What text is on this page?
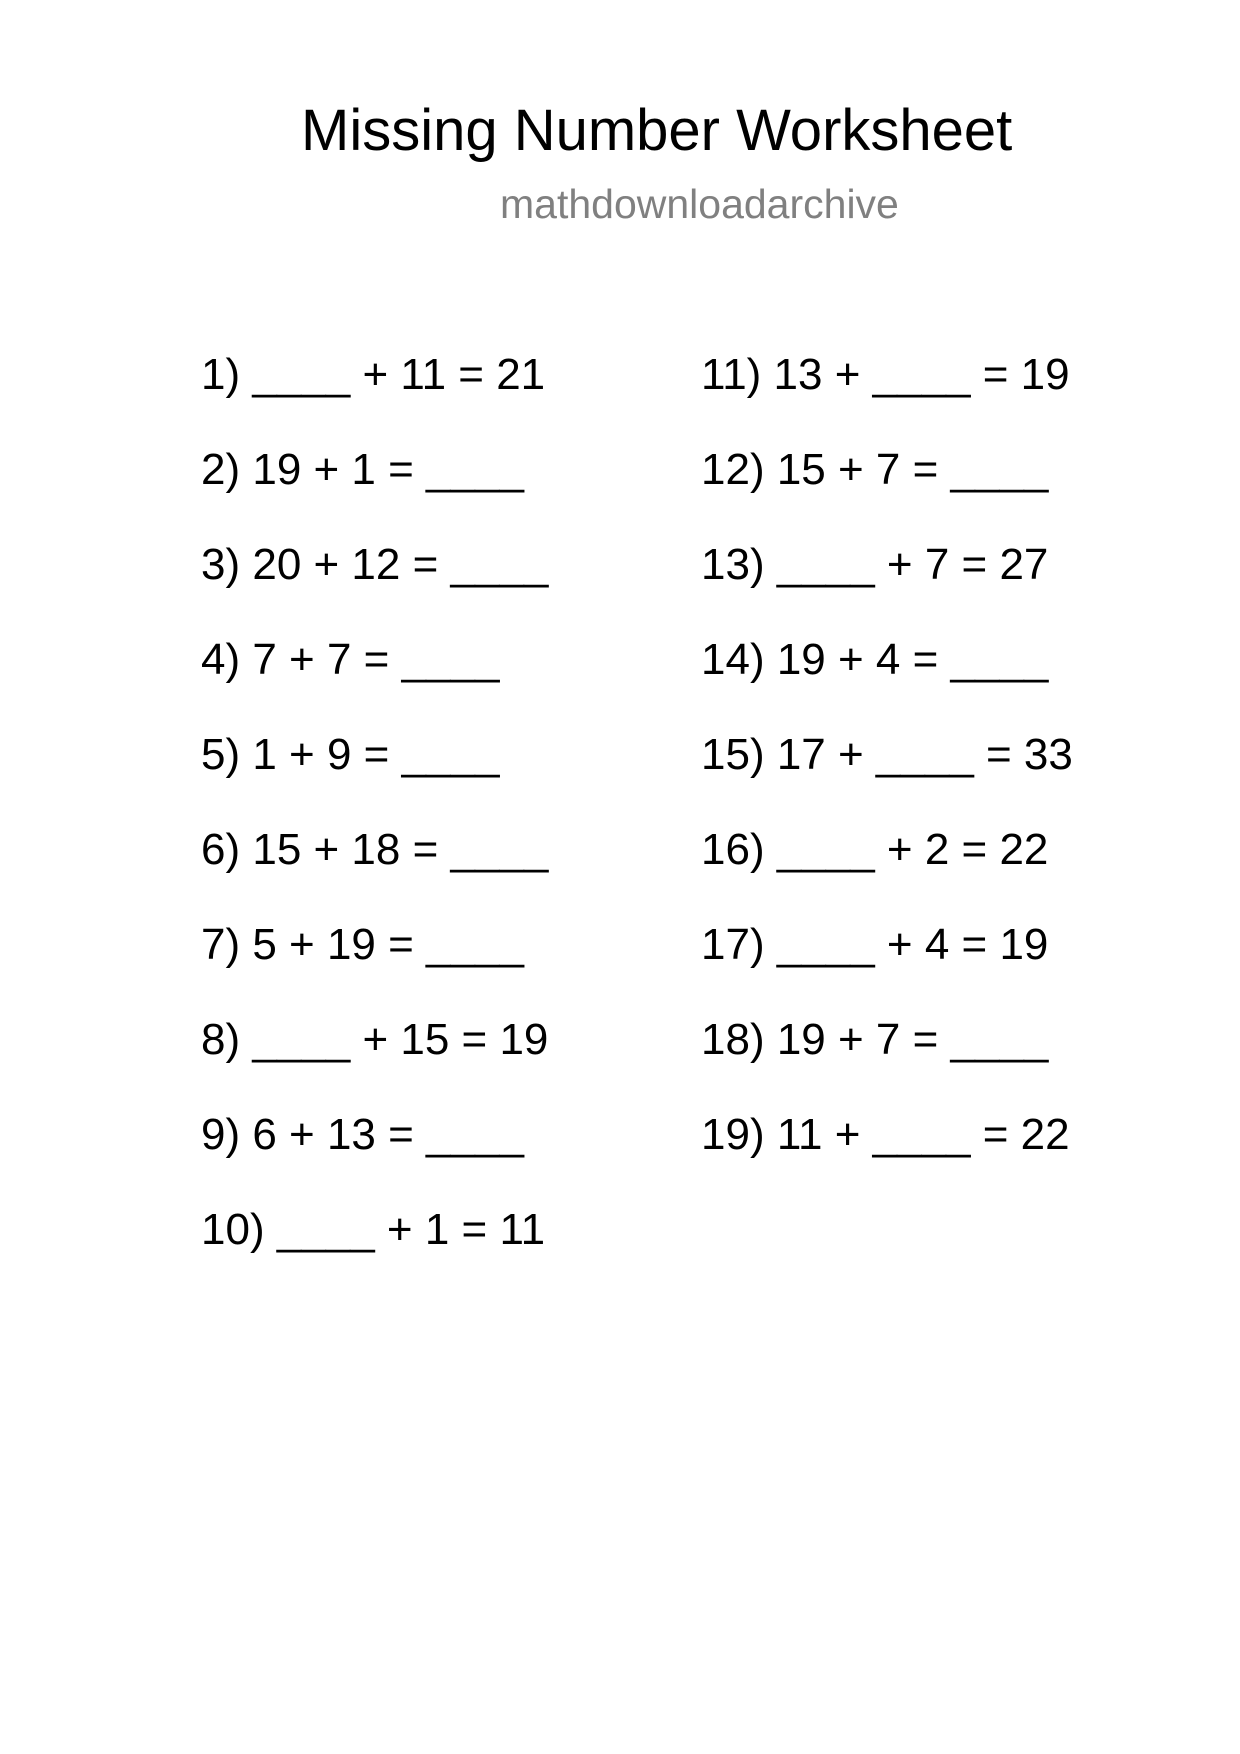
Missing Number Worksheet
mathdownloadarchive
1) ____ + 11 = 21
2) 19 + 1 = ____
3) 20 + 12 = ____
4) 7 + 7 = ____
5) 1 + 9 = ____
6) 15 + 18 = ____
7) 5 + 19 = ____
8) ____ + 15 = 19
9) 6 + 13 = ____
10) ____ + 1 = 11
11) 13 + ____ = 19
12) 15 + 7 = ____
13) ____ + 7 = 27
14) 19 + 4 = ____
15) 17 + ____ = 33
16) ____ + 2 = 22
17) ____ + 4 = 19
18) 19 + 7 = ____
19) 11 + ____ = 22
